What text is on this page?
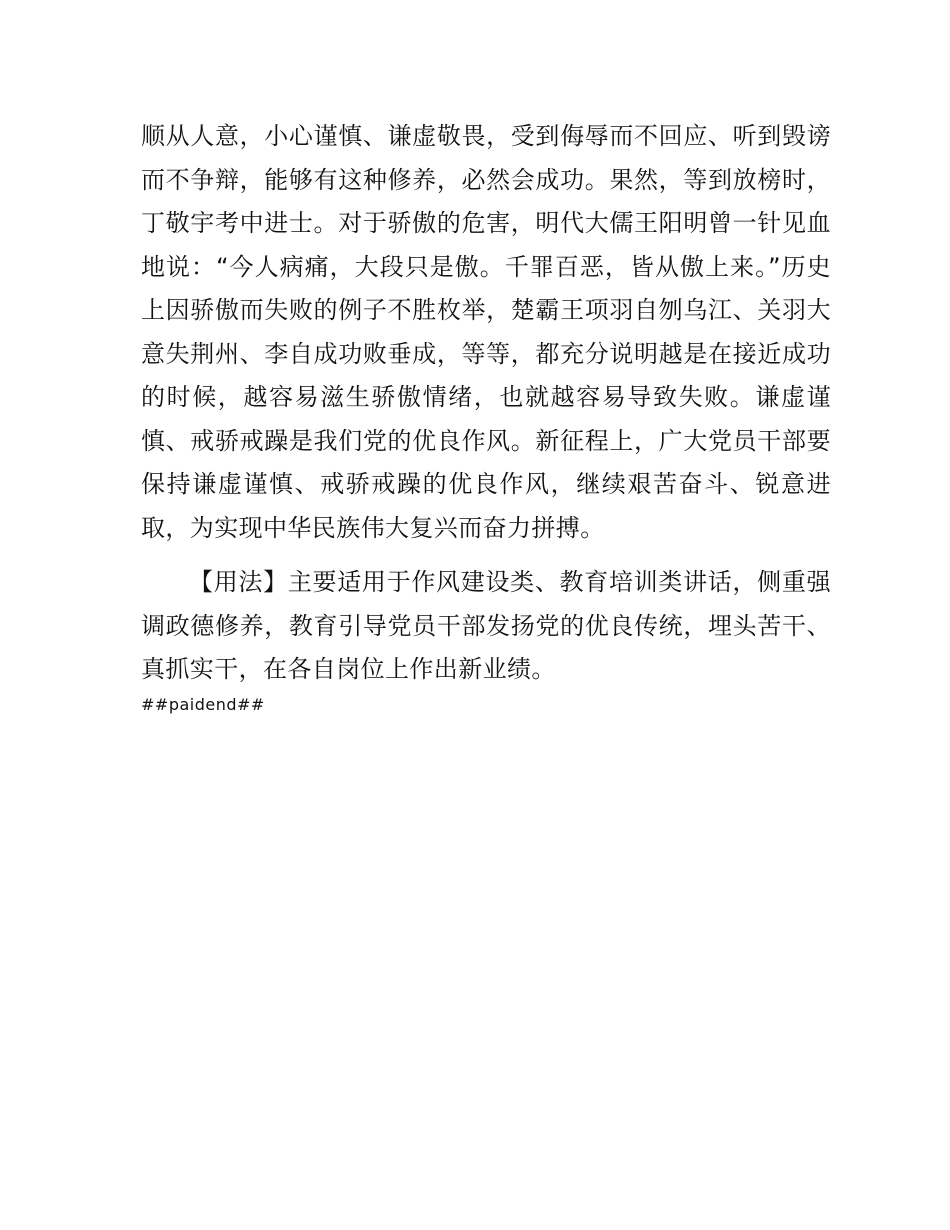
顺从人意，小心谨慎、谦虚敬畏，受到侮辱而不回应、听到毁谤而不争辩，能够有这种修养，必然会成功。果然，等到放榜时，丁敬宇考中进士。对于骄傲的危害，明代大儒王阳明曾一针见血地说：“今人病痛，大段只是傲。千罪百恶，皆从傲上来。”历史上因骄傲而失败的例子不胜枚举，楚霸王项羽自刎乌江、关羽大意失荆州、李自成功败垂成，等等，都充分说明越是在接近成功的时候，越容易滋生骄傲情绪，也就越容易导致失败。谦虚谨慎、戒骄戒躁是我们党的优良作风。新征程上，广大党员干部要保持谦虚谨慎、戒骄戒躁的优良作风，继续艰苦奋斗、锐意进取，为实现中华民族伟大复兴而奋力拼搏。

【用法】主要适用于作风建设类、教育培训类讲话，侧重强调政德修养，教育引导党员干部发扬党的优良传统，埋头苦干、真抓实干，在各自岗位上作出新业绩。

##paidend##
